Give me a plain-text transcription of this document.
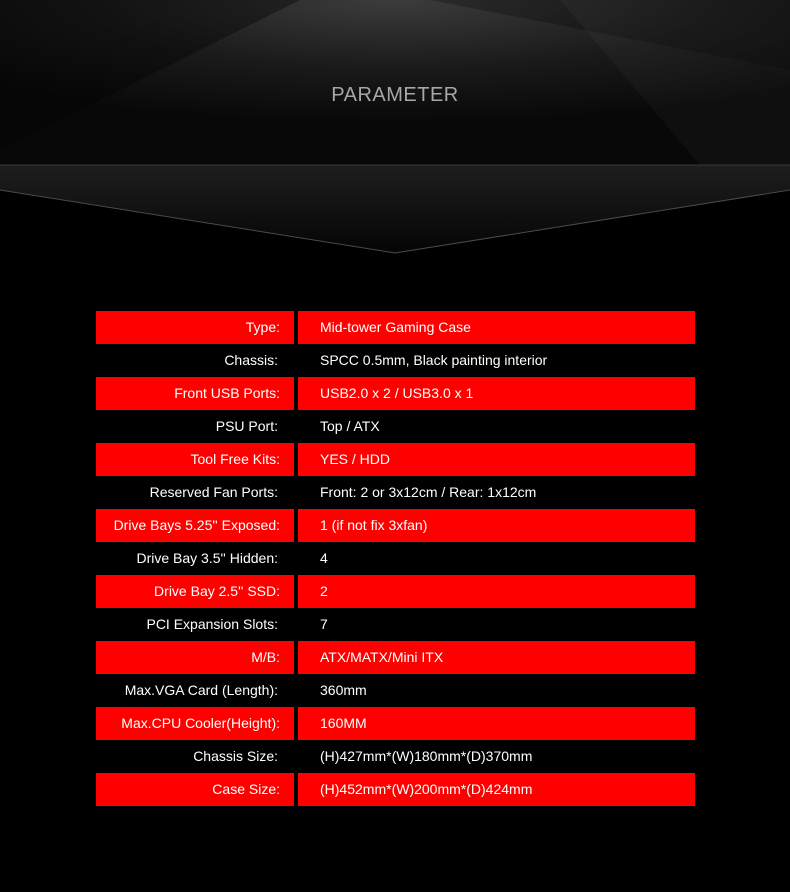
PARAMETER
Type:	Mid-tower Gaming Case
Chassis:	SPCC 0.5mm, Black painting interior
Front USB Ports:	USB2.0 x 2 / USB3.0 x 1
PSU Port:	Top / ATX
Tool Free Kits:	YES / HDD
Reserved Fan Ports:	Front: 2 or 3x12cm / Rear: 1x12cm
Drive Bays 5.25'' Exposed:	1 (if not fix 3xfan)
Drive Bay 3.5'' Hidden:	4
Drive Bay 2.5'' SSD:	2
PCI Expansion Slots:	7
M/B:	ATX/MATX/Mini ITX
Max.VGA Card (Length):	360mm
Max.CPU Cooler(Height):	160MM
Chassis Size:	(H)427mm*(W)180mm*(D)370mm
Case Size:	(H)452mm*(W)200mm*(D)424mm
